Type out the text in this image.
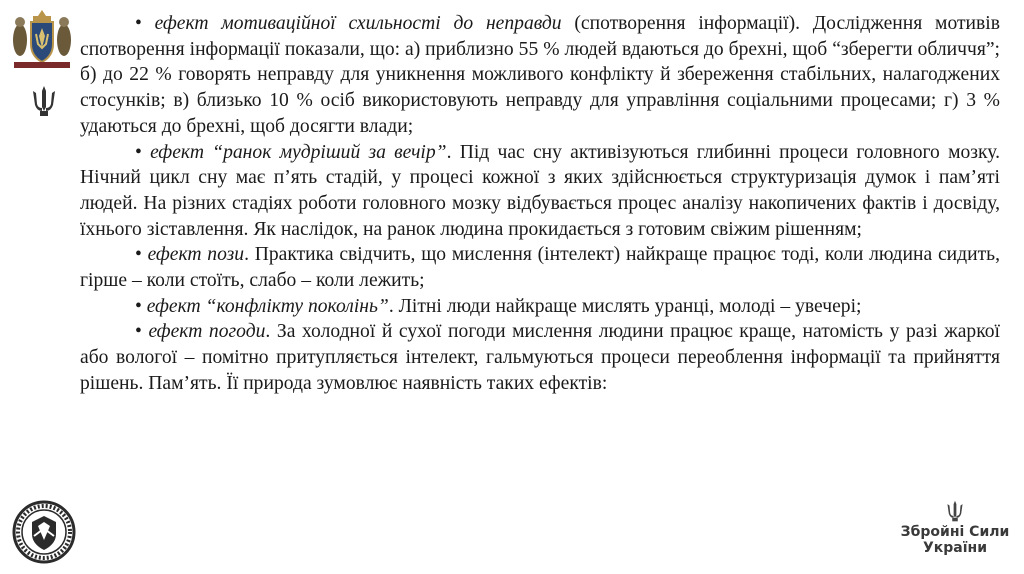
• ефект мотиваційної схильності до неправди (спотворення інформації). Дослідження мотивів спотворення інформації показали, що: а) приблизно 55 % людей вдаються до брехні, щоб “зберегти обличчя”; б) до 22 % говорять неправду для уникнення можливого конфлікту й збереження стабільних, налагоджених стосунків; в) близько 10 % осіб використовують неправду для управління соціальними процесами; г) 3 % удаються до брехні, щоб досягти влади;

• ефект “ранок мудріший за вечір”. Під час сну активізуються глибинні процеси головного мозку. Нічний цикл сну має п’ять стадій, у процесі кожної з яких здійснюється структуризація думок і пам’яті людей. На різних стадіях роботи головного мозку відбувається процес аналізу накопичених фактів і досвіду, їхнього зіставлення. Як наслідок, на ранок людина прокидається з готовим свіжим рішенням;

• ефект пози. Практика свідчить, що мислення (інтелект) найкраще працює тоді, коли людина сидить, гірше – коли стоїть, слабо – коли лежить;

• ефект “конфлікту поколінь”. Літні люди найкраще мислять уранці, молоді – увечері;

• ефект погоди. За холодної й сухої погоди мислення людини працює краще, натомість у разі жаркої або вологої – помітно притупляється інтелект, гальмуються процеси переоблення інформації та прийняття рішень. Пам’ять. Її природа зумовлює наявність таких ефектів:

Збройні Сили
України
